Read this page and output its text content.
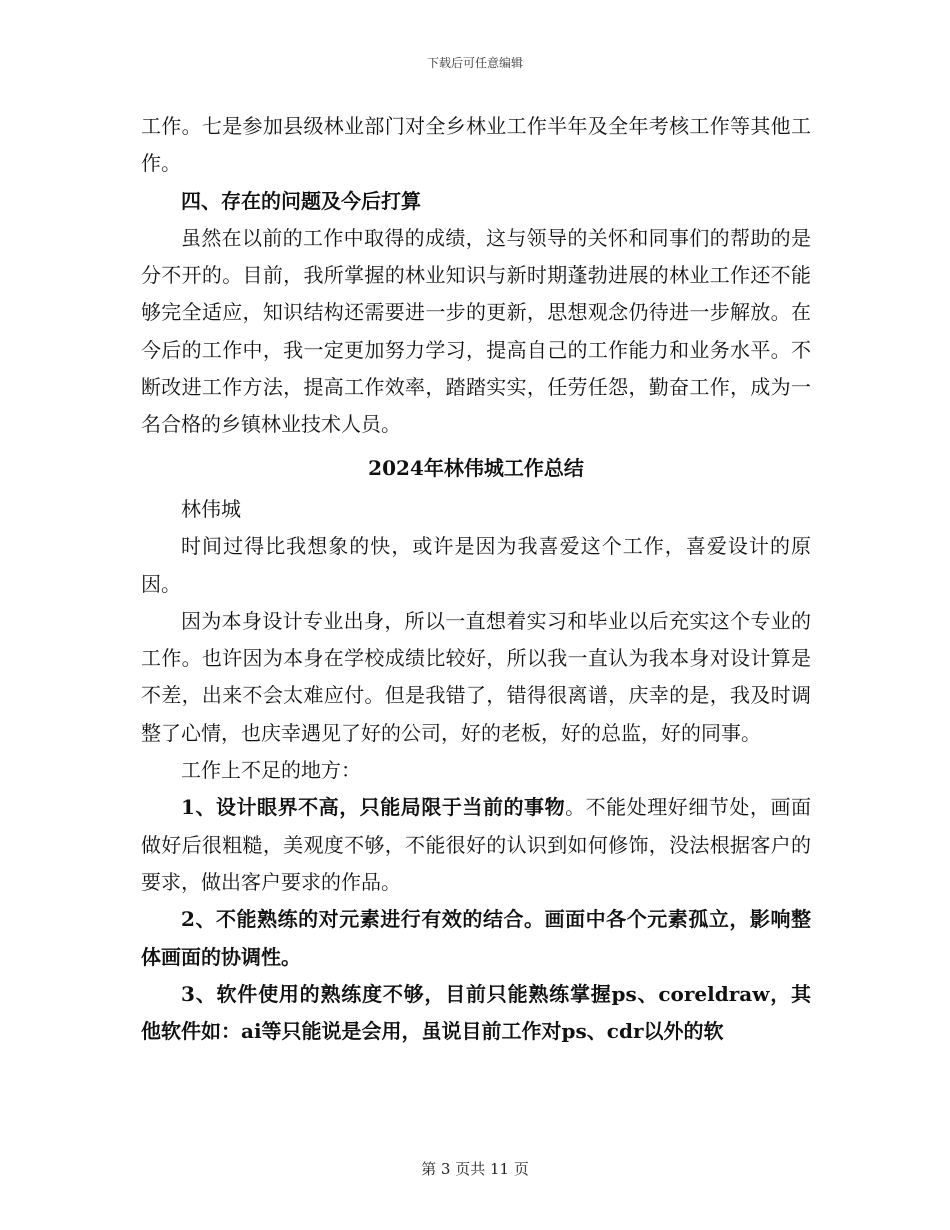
下载后可任意编辑

工作。七是参加县级林业部门对全乡林业工作半年及全年考核工作等其他工作。

四、存在的问题及今后打算

虽然在以前的工作中取得的成绩，这与领导的关怀和同事们的帮助的是分不开的。目前，我所掌握的林业知识与新时期蓬勃进展的林业工作还不能够完全适应，知识结构还需要进一步的更新，思想观念仍待进一步解放。在今后的工作中，我一定更加努力学习，提高自己的工作能力和业务水平。不断改进工作方法，提高工作效率，踏踏实实，任劳任怨，勤奋工作，成为一名合格的乡镇林业技术人员。

2024年林伟城工作总结

林伟城

时间过得比我想象的快，或许是因为我喜爱这个工作，喜爱设计的原因。

因为本身设计专业出身，所以一直想着实习和毕业以后充实这个专业的工作。也许因为本身在学校成绩比较好，所以我一直认为我本身对设计算是不差，出来不会太难应付。但是我错了，错得很离谱，庆幸的是，我及时调整了心情，也庆幸遇见了好的公司，好的老板，好的总监，好的同事。

工作上不足的地方：

1、设计眼界不高，只能局限于当前的事物。不能处理好细节处，画面做好后很粗糙，美观度不够，不能很好的认识到如何修饰，没法根据客户的要求，做出客户要求的作品。

2、不能熟练的对元素进行有效的结合。画面中各个元素孤立，影响整体画面的协调性。

3、软件使用的熟练度不够，目前只能熟练掌握ps、coreldraw，其他软件如：ai等只能说是会用，虽说目前工作对ps、cdr以外的软

第 3 页共 11 页
